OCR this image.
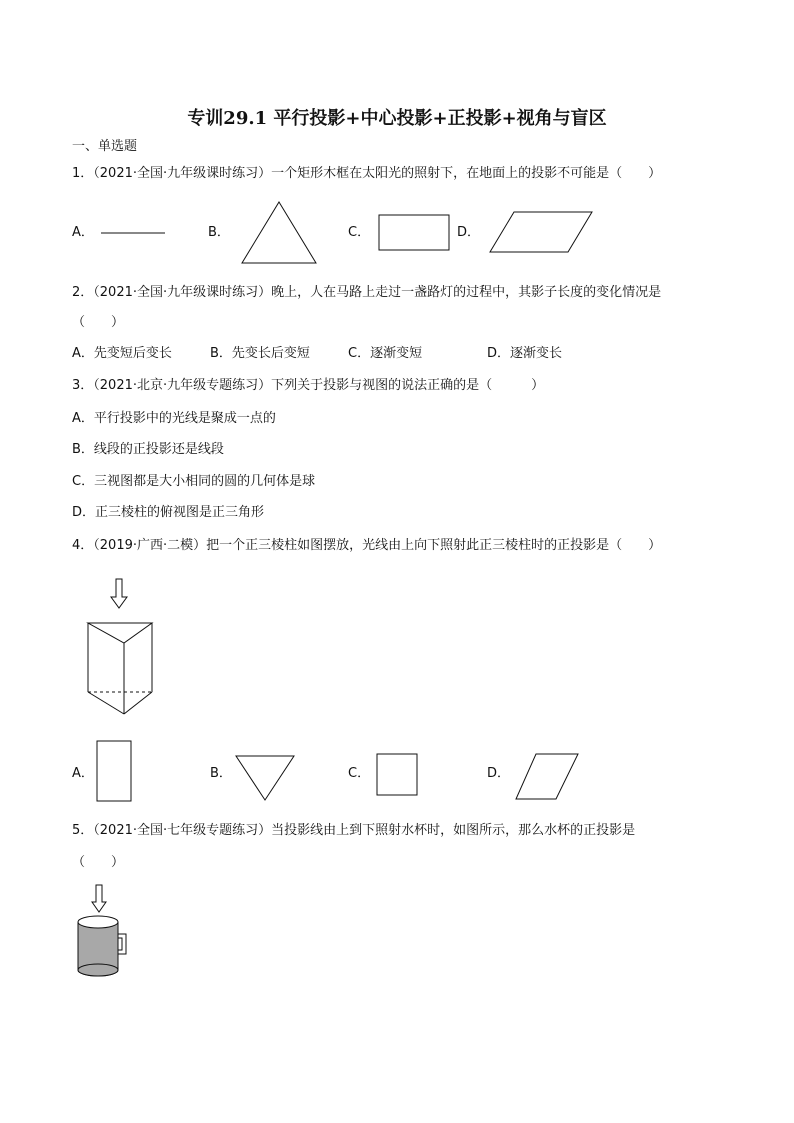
专训29.1 平行投影+中心投影+正投影+视角与盲区
一、单选题
1．（2021·全国·九年级课时练习）一个矩形木框在太阳光的照射下，在地面上的投影不可能是（　　）
A．	B．	C．	D．
2．（2021·全国·九年级课时练习）晚上，人在马路上走过一盏路灯的过程中，其影子长度的变化情况是
（　　）
A．先变短后变长	B．先变长后变短	C．逐渐变短	D．逐渐变长
3．（2021·北京·九年级专题练习）下列关于投影与视图的说法正确的是（　　　）
A．平行投影中的光线是聚成一点的
B．线段的正投影还是线段
C．三视图都是大小相同的圆的几何体是球
D．正三棱柱的俯视图是正三角形
4．（2019·广西·二模）把一个正三棱柱如图摆放，光线由上向下照射此正三棱柱时的正投影是（　　）
A．	B．	C．	D．
5．（2021·全国·七年级专题练习）当投影线由上到下照射水杯时，如图所示，那么水杯的正投影是
（　　）
